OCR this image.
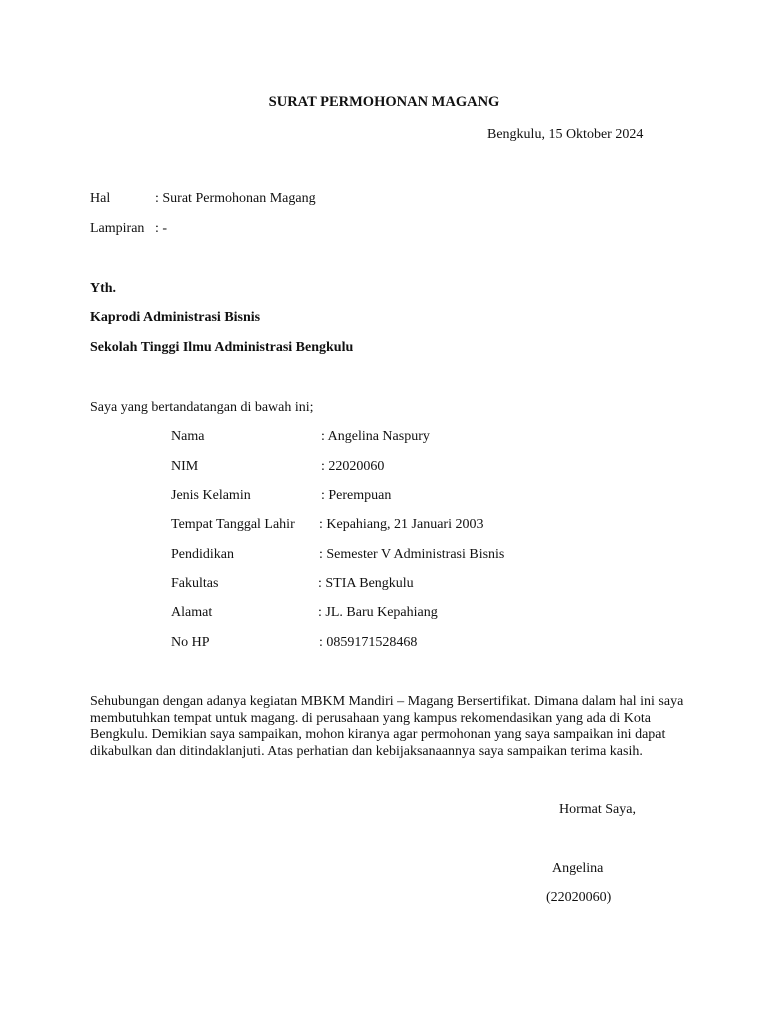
SURAT PERMOHONAN MAGANG
Bengkulu, 15 Oktober 2024
Hal	: Surat Permohonan Magang
Lampiran : -
Yth.
Kaprodi Administrasi Bisnis
Sekolah Tinggi Ilmu Administrasi Bengkulu
Saya yang bertandatangan di bawah ini;
Nama	: Angelina Naspury
NIM	: 22020060
Jenis Kelamin	: Perempuan
Tempat Tanggal Lahir : Kepahiang, 21 Januari 2003
Pendidikan	: Semester V Administrasi Bisnis
Fakultas	: STIA Bengkulu
Alamat	: JL. Baru Kepahiang
No HP	: 0859171528468
Sehubungan dengan adanya kegiatan MBKM Mandiri – Magang Bersertifikat. Dimana dalam hal ini saya
membutuhkan tempat untuk magang. di perusahaan yang kampus rekomendasikan yang ada di Kota
Bengkulu. Demikian saya sampaikan, mohon kiranya agar permohonan yang saya sampaikan ini dapat
dikabulkan dan ditindaklanjuti. Atas perhatian dan kebijaksanaannya saya sampaikan terima kasih.
Hormat Saya,
Angelina
(22020060)
